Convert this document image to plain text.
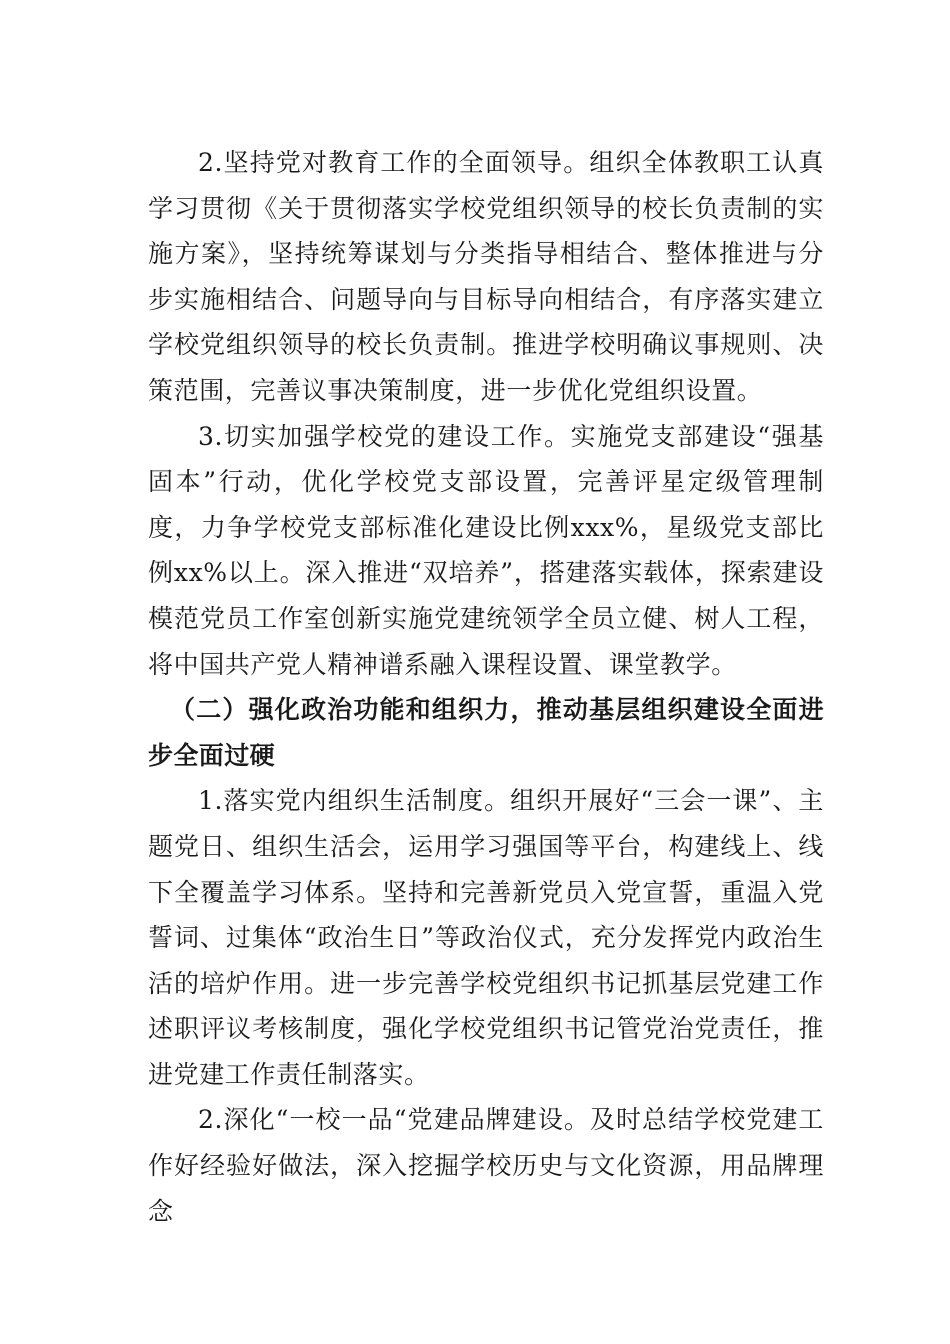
2.坚持党对教育工作的全面领导。组织全体教职工认真学习贯彻《关于贯彻落实学校党组织领导的校长负责制的实施方案》，坚持统筹谋划与分类指导相结合、整体推进与分步实施相结合、问题导向与目标导向相结合，有序落实建立学校党组织领导的校长负责制。推进学校明确议事规则、决策范围，完善议事决策制度，进一步优化党组织设置。

3.切实加强学校党的建设工作。实施党支部建设“强基固本”行动，优化学校党支部设置，完善评星定级管理制度，力争学校党支部标准化建设比例xxx%，星级党支部比例xx%以上。深入推进“双培养”，搭建落实载体，探索建设模范党员工作室创新实施党建统领学全员立健、树人工程，将中国共产党人精神谱系融入课程设置、课堂教学。

（二）强化政治功能和组织力，推动基层组织建设全面进步全面过硬

1.落实党内组织生活制度。组织开展好“三会一课”、主题党日、组织生活会，运用学习强国等平台，构建线上、线下全覆盖学习体系。坚持和完善新党员入党宣誓，重温入党誓词、过集体“政治生日”等政治仪式，充分发挥党内政治生活的培炉作用。进一步完善学校党组织书记抓基层党建工作述职评议考核制度，强化学校党组织书记管党治党责任，推进党建工作责任制落实。

2.深化“一校一品“党建品牌建设。及时总结学校党建工作好经验好做法，深入挖掘学校历史与文化资源，用品牌理念
